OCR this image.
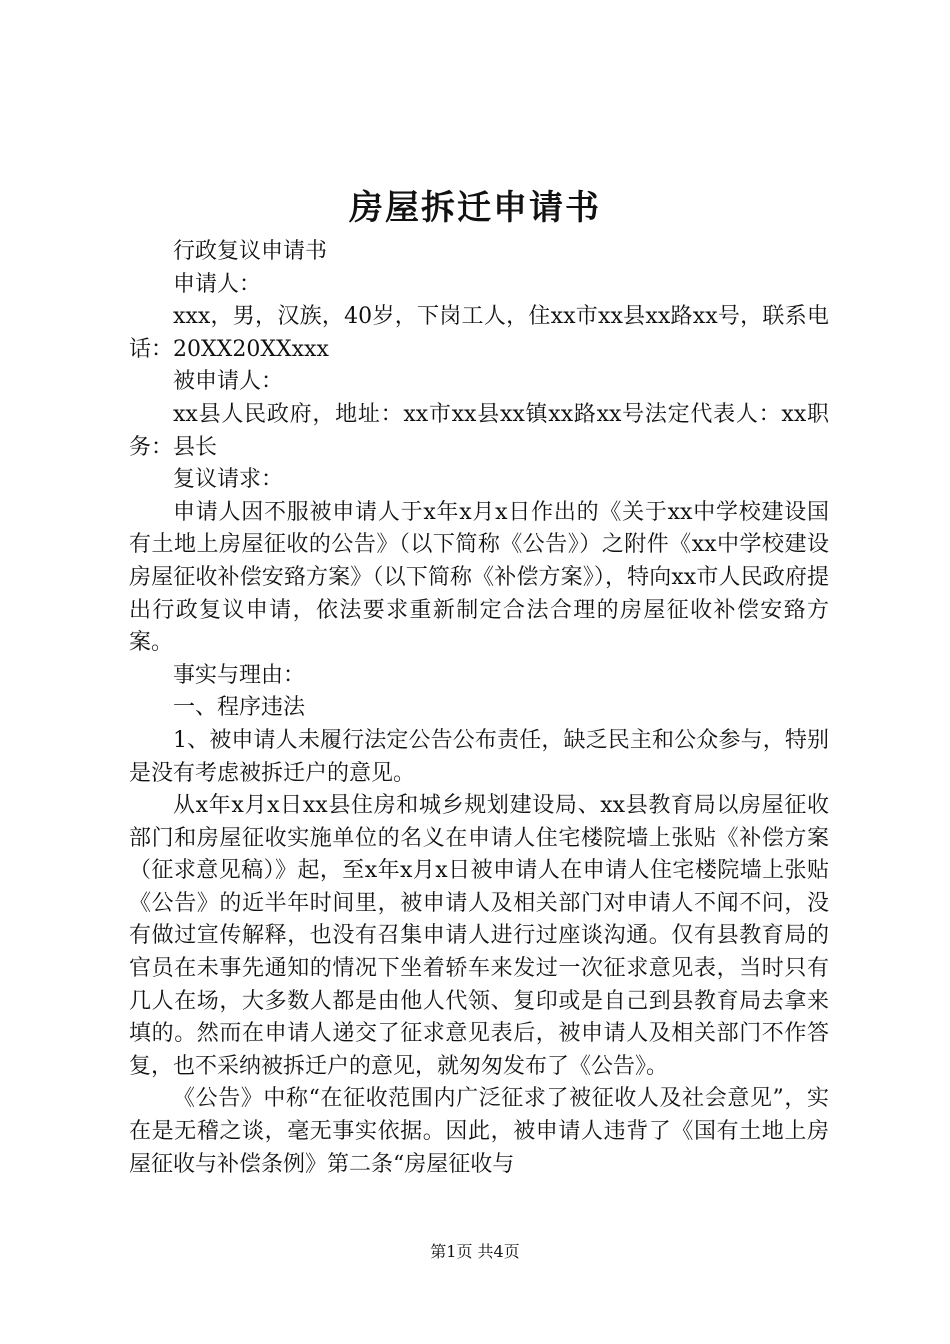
房屋拆迁申请书

行政复议申请书

申请人：

xxx，男，汉族，40岁，下岗工人，住xx市xx县xx路xx号，联系电话：20XX20XXxxx

被申请人：

xx县人民政府，地址：xx市xx县xx镇xx路xx号法定代表人：xx职务：县长

复议请求：

申请人因不服被申请人于x年x月x日作出的《关于xx中学校建设国有土地上房屋征收的公告》（以下简称《公告》）之附件《xx中学校建设房屋征收补偿安臵方案》（以下简称《补偿方案》），特向xx市人民政府提出行政复议申请，依法要求重新制定合法合理的房屋征收补偿安臵方案。

事实与理由：

一、程序违法

1、被申请人未履行法定公告公布责任，缺乏民主和公众参与，特别是没有考虑被拆迁户的意见。

从x年x月x日xx县住房和城乡规划建设局、xx县教育局以房屋征收部门和房屋征收实施单位的名义在申请人住宅楼院墙上张贴《补偿方案（征求意见稿）》起，至x年x月x日被申请人在申请人住宅楼院墙上张贴《公告》的近半年时间里，被申请人及相关部门对申请人不闻不问，没有做过宣传解释，也没有召集申请人进行过座谈沟通。仅有县教育局的官员在未事先通知的情况下坐着轿车来发过一次征求意见表，当时只有几人在场，大多数人都是由他人代领、复印或是自己到县教育局去拿来填的。然而在申请人递交了征求意见表后，被申请人及相关部门不作答复，也不采纳被拆迁户的意见，就匆匆发布了《公告》。

《公告》中称“在征收范围内广泛征求了被征收人及社会意见”，实在是无稽之谈，毫无事实依据。因此，被申请人违背了《国有土地上房屋征收与补偿条例》第二条“房屋征收与

第1页 共4页
